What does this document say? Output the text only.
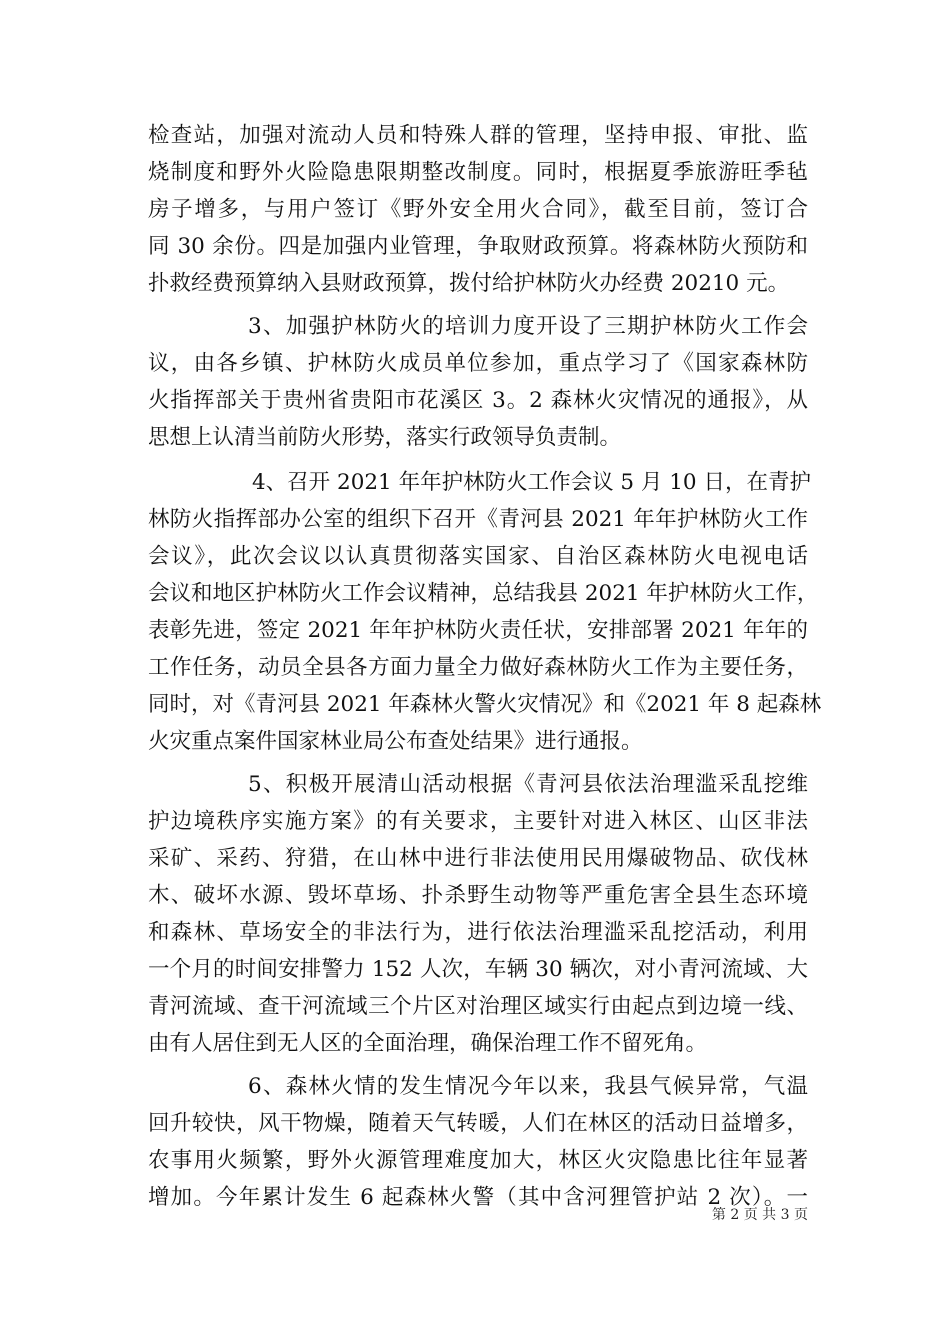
检查站，加强对流动人员和特殊人群的管理，坚持申报、审批、监
烧制度和野外火险隐患限期整改制度。同时，根据夏季旅游旺季毡
房子增多，与用户签订《野外安全用火合同》，截至目前，签订合
同 30 余份。四是加强内业管理，争取财政预算。将森林防火预防和
扑救经费预算纳入县财政预算，拨付给护林防火办经费 20210 元。
3、加强护林防火的培训力度开设了三期护林防火工作会
议，由各乡镇、护林防火成员单位参加，重点学习了《国家森林防
火指挥部关于贵州省贵阳市花溪区 3。2 森林火灾情况的通报》，从
思想上认清当前防火形势，落实行政领导负责制。
4、召开 2021 年年护林防火工作会议 5 月 10 日，在青护
林防火指挥部办公室的组织下召开《青河县 2021 年年护林防火工作
会议》，此次会议以认真贯彻落实国家、自治区森林防火电视电话
会议和地区护林防火工作会议精神，总结我县 2021 年护林防火工作，
表彰先进，签定 2021 年年护林防火责任状，安排部署 2021 年年的
工作任务，动员全县各方面力量全力做好森林防火工作为主要任务，
同时，对《青河县 2021 年森林火警火灾情况》和《2021 年 8 起森林
火灾重点案件国家林业局公布查处结果》进行通报。
5、积极开展清山活动根据《青河县依法治理滥采乱挖维
护边境秩序实施方案》的有关要求，主要针对进入林区、山区非法
采矿、采药、狩猎，在山林中进行非法使用民用爆破物品、砍伐林
木、破坏水源、毁坏草场、扑杀野生动物等严重危害全县生态环境
和森林、草场安全的非法行为，进行依法治理滥采乱挖活动，利用
一个月的时间安排警力 152 人次，车辆 30 辆次，对小青河流域、大
青河流域、查干河流域三个片区对治理区域实行由起点到边境一线、
由有人居住到无人区的全面治理，确保治理工作不留死角。
6、森林火情的发生情况今年以来，我县气候异常，气温
回升较快，风干物燥，随着天气转暖，人们在林区的活动日益增多，
农事用火频繁，野外火源管理难度加大，林区火灾隐患比往年显著
增加。今年累计发生 6 起森林火警（其中含河狸管护站 2 次）。一
第 2 页 共 3 页
